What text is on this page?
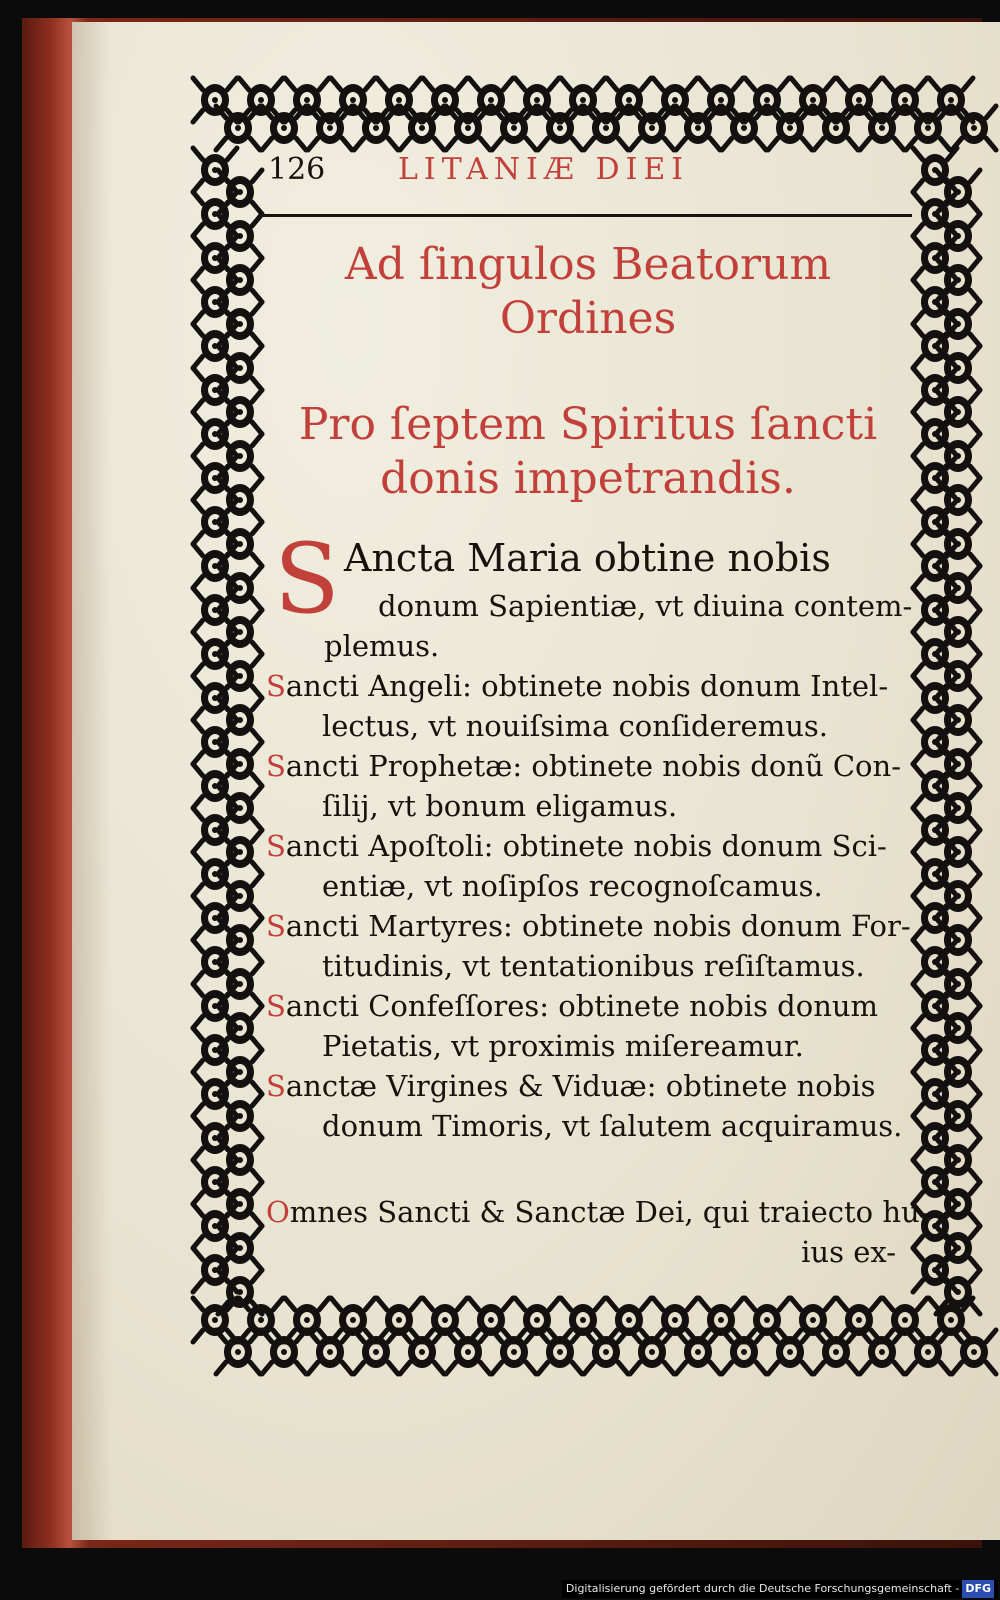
126 LITANIÆ DIEI
Ad ſingulos Beatorum
Ordines
Pro ſeptem Spiritus ſancti
donis impetrandis.
S Ancta Maria obtine nobis
donum Sapientiæ, vt diuina contem-
plemus.
Sancti Angeli: obtinete nobis donum Intel-
lectus, vt nouiſsima conſideremus.
Sancti Prophetæ: obtinete nobis donũ Con-
ſilij, vt bonum eligamus.
Sancti Apoſtoli: obtinete nobis donum Sci-
entiæ, vt noſipſos recognoſcamus.
Sancti Martyres: obtinete nobis donum For-
titudinis, vt tentationibus reſiſtamus.
Sancti Confeſſores: obtinete nobis donum
Pietatis, vt proximis miſereamur.
Sanctæ Virgines & Viduæ: obtinete nobis
donum Timoris, vt ſalutem acquiramus.
Omnes Sancti & Sanctæ Dei, qui traiecto hu-
ius ex-
Digitalisierung gefördert durch die Deutsche Forschungsgemeinschaft - DFG
